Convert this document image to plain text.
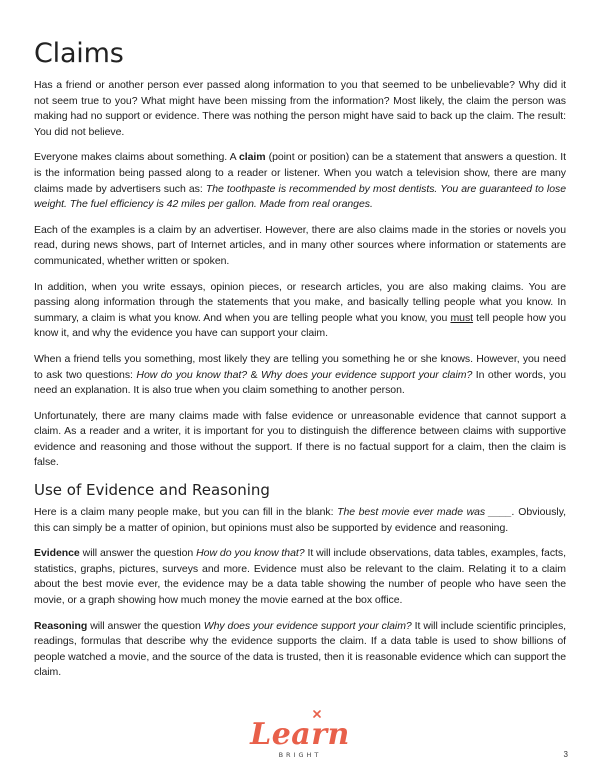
Claims

Has a friend or another person ever passed along information to you that seemed to be unbelievable? Why did it not seem true to you? What might have been missing from the information? Most likely, the claim the person was making had no support or evidence. There was nothing the person might have said to back up the claim. The result: You did not believe.

Everyone makes claims about something. A claim (point or position) can be a statement that answers a question. It is the information being passed along to a reader or listener. When you watch a television show, there are many claims made by advertisers such as: The toothpaste is recommended by most dentists. You are guaranteed to lose weight. The fuel efficiency is 42 miles per gallon. Made from real oranges.

Each of the examples is a claim by an advertiser. However, there are also claims made in the stories or novels you read, during news shows, part of Internet articles, and in many other sources where information or statements are communicated, whether written or spoken.

In addition, when you write essays, opinion pieces, or research articles, you are also making claims. You are passing along information through the statements that you make, and basically telling people what you know. In summary, a claim is what you know. And when you are telling people what you know, you must tell people how you know it, and why the evidence you have can support your claim.

When a friend tells you something, most likely they are telling you something he or she knows. However, you need to ask two questions: How do you know that? & Why does your evidence support your claim? In other words, you need an explanation. It is also true when you claim something to another person.

Unfortunately, there are many claims made with false evidence or unreasonable evidence that cannot support a claim. As a reader and a writer, it is important for you to distinguish the difference between claims with supportive evidence and reasoning and those without the support. If there is no factual support for a claim, then the claim is false.

Use of Evidence and Reasoning

Here is a claim many people make, but you can fill in the blank: The best movie ever made was ____. Obviously, this can simply be a matter of opinion, but opinions must also be supported by evidence and reasoning.

Evidence will answer the question How do you know that? It will include observations, data tables, examples, facts, statistics, graphs, pictures, surveys and more. Evidence must also be relevant to the claim. Relating it to a claim about the best movie ever, the evidence may be a data table showing the number of people who have seen the movie, or a graph showing how much money the movie earned at the box office.

Reasoning will answer the question Why does your evidence support your claim? It will include scientific principles, readings, formulas that describe why the evidence supports the claim. If a data table is used to show billions of people watched a movie, and the source of the data is trusted, then it is reasonable evidence which can support the claim.

Learn
BRIGHT	3
